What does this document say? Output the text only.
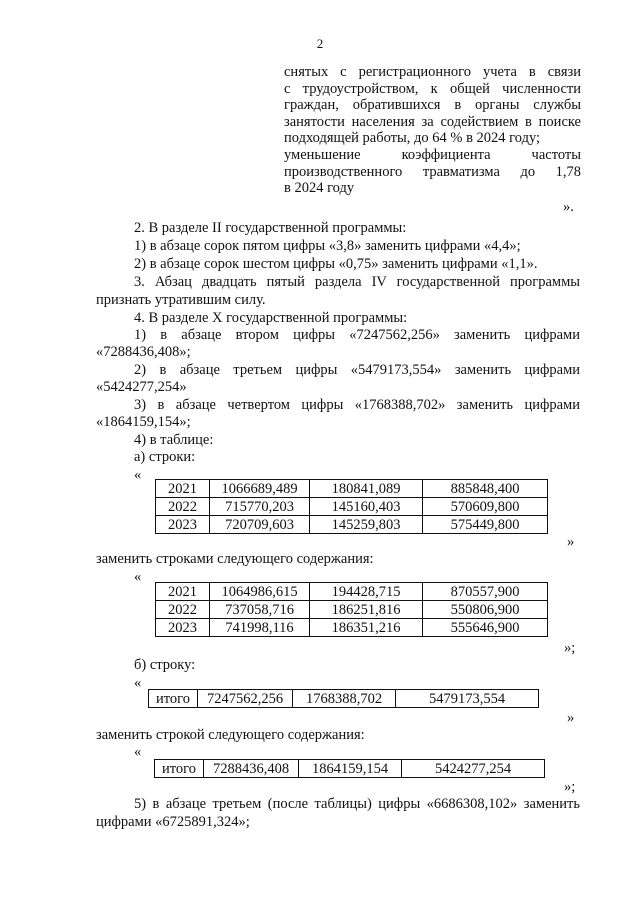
2
снятых с регистрационного учета в связи
с трудоустройством, к общей численности
граждан, обратившихся в органы службы
занятости населения за содействием в поиске
подходящей работы, до 64 % в 2024 году;
уменьшение коэффициента частоты
производственного травматизма до 1,78
в 2024 году
».
2. В разделе II государственной программы:
1) в абзаце сорок пятом цифры «3,8» заменить цифрами «4,4»;
2) в абзаце сорок шестом цифры «0,75» заменить цифрами «1,1».
3. Абзац двадцать пятый раздела IV государственной программы
признать утратившим силу.
4. В разделе X государственной программы:
1) в абзаце втором цифры «7247562,256» заменить цифрами
«7288436,408»;
2) в абзаце третьем цифры «5479173,554» заменить цифрами
«5424277,254»
3) в абзаце четвертом цифры «1768388,702» заменить цифрами
«1864159,154»;
4) в таблице:
а) строки:
«
2021	1066689,489	180841,089	885848,400
2022	715770,203	145160,403	570609,800
2023	720709,603	145259,803	575449,800
»
заменить строками следующего содержания:
«
2021	1064986,615	194428,715	870557,900
2022	737058,716	186251,816	550806,900
2023	741998,116	186351,216	555646,900
»;
б) строку:
«
итого	7247562,256	1768388,702	5479173,554
»
заменить строкой следующего содержания:
«
итого	7288436,408	1864159,154	5424277,254
»;
5) в абзаце третьем (после таблицы) цифры «6686308,102» заменить
цифрами «6725891,324»;
